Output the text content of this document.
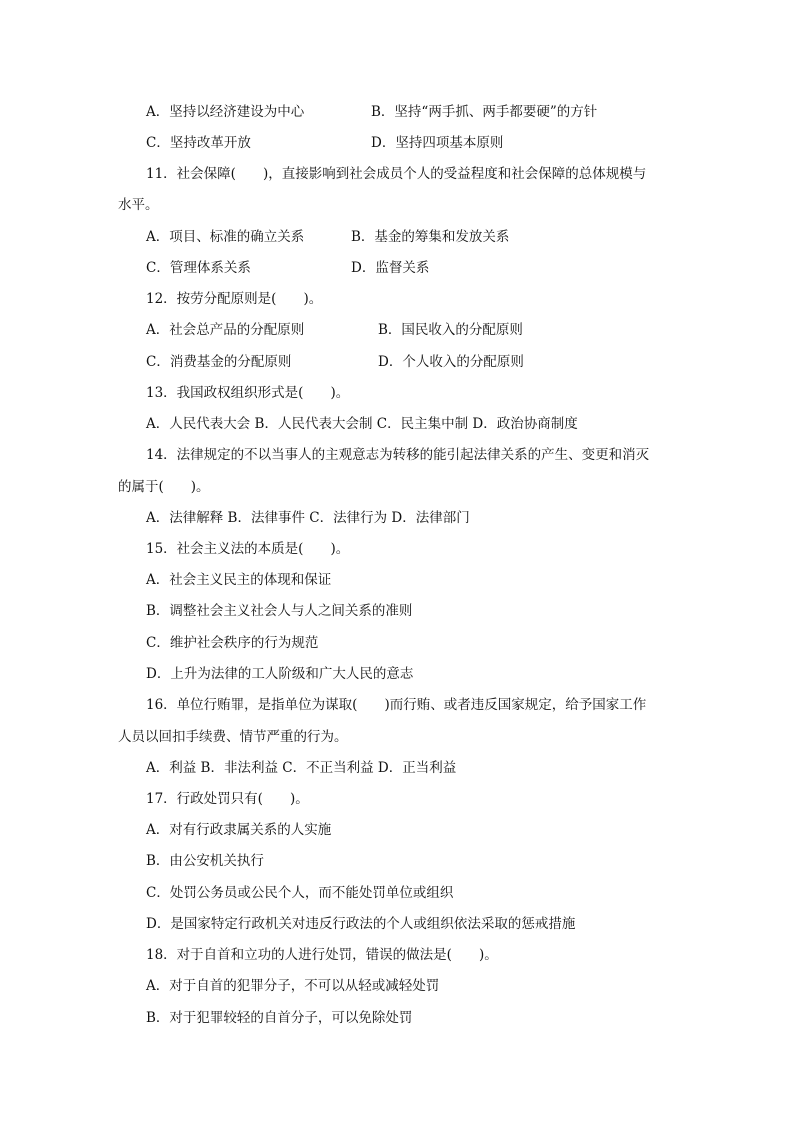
A．坚持以经济建设为中心	B．坚持“两手抓、两手都要硬”的方针
C．坚持改革开放	D．坚持四项基本原则
11．社会保障(　　)，直接影响到社会成员个人的受益程度和社会保障的总体规模与
水平。
A．项目、标准的确立关系	B．基金的筹集和发放关系
C．管理体系关系	D．监督关系
12．按劳分配原则是(　　)。
A．社会总产品的分配原则	B．国民收入的分配原则
C．消费基金的分配原则	D．个人收入的分配原则
13．我国政权组织形式是(　　)。
A．人民代表大会 B．人民代表大会制 C．民主集中制 D．政治协商制度
14．法律规定的不以当事人的主观意志为转移的能引起法律关系的产生、变更和消灭
的属于(　　)。
A．法律解释 B．法律事件 C．法律行为 D．法律部门
15．社会主义法的本质是(　　)。
A．社会主义民主的体现和保证
B．调整社会主义社会人与人之间关系的准则
C．维护社会秩序的行为规范
D．上升为法律的工人阶级和广大人民的意志
16．单位行贿罪，是指单位为谋取(　　)而行贿、或者违反国家规定，给予国家工作
人员以回扣手续费、情节严重的行为。
A．利益 B．非法利益 C．不正当利益 D．正当利益
17．行政处罚只有(　　)。
A．对有行政隶属关系的人实施
B．由公安机关执行
C．处罚公务员或公民个人，而不能处罚单位或组织
D．是国家特定行政机关对违反行政法的个人或组织依法采取的惩戒措施
18．对于自首和立功的人进行处罚，错误的做法是(　　)。
A．对于自首的犯罪分子，不可以从轻或减轻处罚
B．对于犯罪较轻的自首分子，可以免除处罚
